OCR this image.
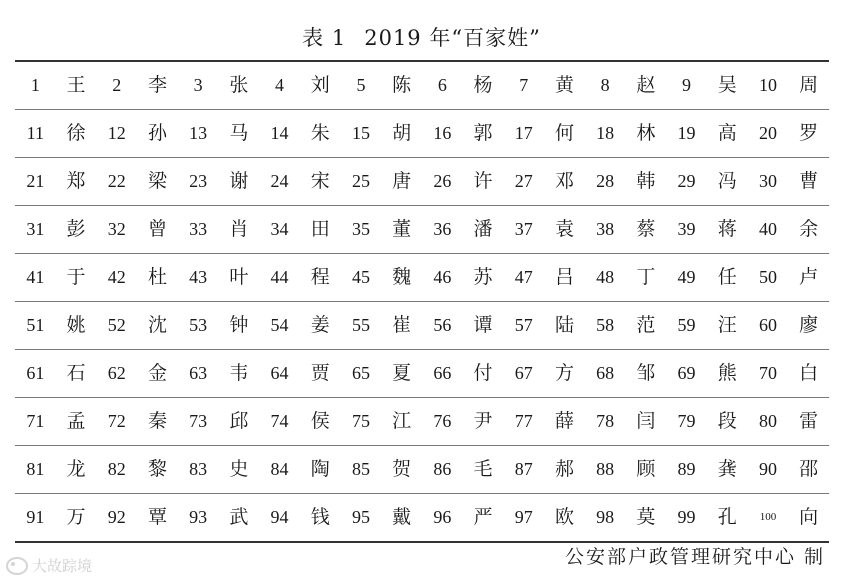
表 1 2019 年“百家姓”
1	王	2	李	3	张	4	刘	5	陈	6	杨	7	黄	8	赵	9	吴	10	周
11	徐	12	孙	13	马	14	朱	15	胡	16	郭	17	何	18	林	19	高	20	罗
21	郑	22	梁	23	谢	24	宋	25	唐	26	许	27	邓	28	韩	29	冯	30	曹
31	彭	32	曾	33	肖	34	田	35	董	36	潘	37	袁	38	蔡	39	蒋	40	余
41	于	42	杜	43	叶	44	程	45	魏	46	苏	47	吕	48	丁	49	任	50	卢
51	姚	52	沈	53	钟	54	姜	55	崔	56	谭	57	陆	58	范	59	汪	60	廖
61	石	62	金	63	韦	64	贾	65	夏	66	付	67	方	68	邹	69	熊	70	白
71	孟	72	秦	73	邱	74	侯	75	江	76	尹	77	薛	78	闫	79	段	80	雷
81	龙	82	黎	83	史	84	陶	85	贺	86	毛	87	郝	88	顾	89	龚	90	邵
91	万	92	覃	93	武	94	钱	95	戴	96	严	97	欧	98	莫	99	孔	100	向
公安部户政管理研究中心 制
大故踪境
